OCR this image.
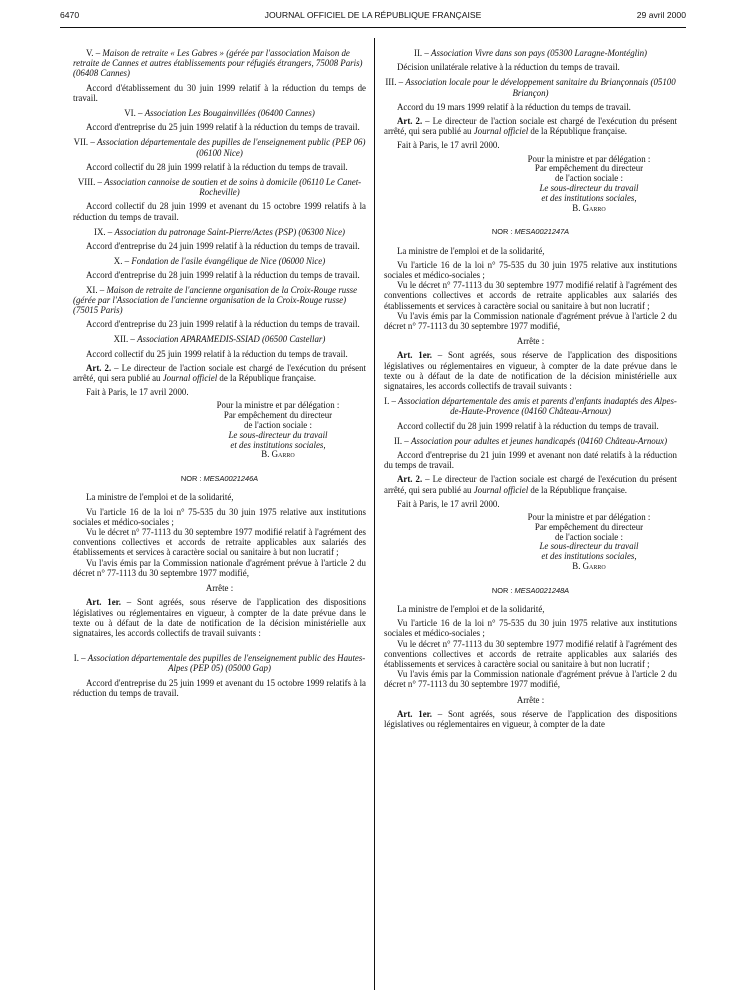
6470	JOURNAL OFFICIEL DE LA RÉPUBLIQUE FRANÇAISE	29 avril 2000

V. – Maison de retraite « Les Gabres » (gérée par l'association Maison de retraite de Cannes et autres établissements pour réfugiés étrangers, 75008 Paris) (06408 Cannes)

Accord d'établissement du 30 juin 1999 relatif à la réduction du temps de travail.

VI. – Association Les Bougainvillées (06400 Cannes)

Accord d'entreprise du 25 juin 1999 relatif à la réduction du temps de travail.

VII. – Association départementale des pupilles de l'enseignement public (PEP 06) (06100 Nice)

Accord collectif du 28 juin 1999 relatif à la réduction du temps de travail.

VIII. – Association cannoise de soutien et de soins à domicile (06110 Le Canet-Rocheville)

Accord collectif du 28 juin 1999 et avenant du 15 octobre 1999 relatifs à la réduction du temps de travail.

IX. – Association du patronage Saint-Pierre/Actes (PSP) (06300 Nice)

Accord d'entreprise du 24 juin 1999 relatif à la réduction du temps de travail.

X. – Fondation de l'asile évangélique de Nice (06000 Nice)

Accord d'entreprise du 28 juin 1999 relatif à la réduction du temps de travail.

XI. – Maison de retraite de l'ancienne organisation de la Croix-Rouge russe (gérée par l'Association de l'ancienne organisation de la Croix-Rouge russe) (75015 Paris)

Accord d'entreprise du 23 juin 1999 relatif à la réduction du temps de travail.

XII. – Association APARAMEDIS-SSIAD (06500 Castellar)

Accord collectif du 25 juin 1999 relatif à la réduction du temps de travail.

Art. 2. – Le directeur de l'action sociale est chargé de l'exécution du présent arrêté, qui sera publié au Journal officiel de la République française.

Fait à Paris, le 17 avril 2000.

Pour la ministre et par délégation :
Par empêchement du directeur
de l'action sociale :
Le sous-directeur du travail
et des institutions sociales,
B. Garro
NOR : MESA0021246A

La ministre de l'emploi et de la solidarité,

Vu l'article 16 de la loi n° 75-535 du 30 juin 1975 relative aux institutions sociales et médico-sociales ;

Vu le décret n° 77-1113 du 30 septembre 1977 modifié relatif à l'agrément des conventions collectives et accords de retraite applicables aux salariés des établissements et services à caractère social ou sanitaire à but non lucratif ;

Vu l'avis émis par la Commission nationale d'agrément prévue à l'article 2 du décret n° 77-1113 du 30 septembre 1977 modifié,

Arrête :

Art. 1er. – Sont agréés, sous réserve de l'application des dispositions législatives ou réglementaires en vigueur, à compter de la date prévue dans le texte ou à défaut de la date de notification de la décision ministérielle aux signataires, les accords collectifs de travail suivants :

I. – Association départementale des pupilles de l'enseignement public des Hautes-Alpes (PEP 05) (05000 Gap)

Accord d'entreprise du 25 juin 1999 et avenant du 15 octobre 1999 relatifs à la réduction du temps de travail.

II. – Association Vivre dans son pays (05300 Laragne-Montéglin)

Décision unilatérale relative à la réduction du temps de travail.

III. – Association locale pour le développement sanitaire du Briançonnais (05100 Briançon)

Accord du 19 mars 1999 relatif à la réduction du temps de travail.

Art. 2. – Le directeur de l'action sociale est chargé de l'exécution du présent arrêté, qui sera publié au Journal officiel de la République française.

Fait à Paris, le 17 avril 2000.

Pour la ministre et par délégation :
Par empêchement du directeur
de l'action sociale :
Le sous-directeur du travail
et des institutions sociales,
B. Garro
NOR : MESA0021247A

La ministre de l'emploi et de la solidarité,

Vu l'article 16 de la loi n° 75-535 du 30 juin 1975 relative aux institutions sociales et médico-sociales ;

Vu le décret n° 77-1113 du 30 septembre 1977 modifié relatif à l'agrément des conventions collectives et accords de retraite applicables aux salariés des établissements et services à caractère social ou sanitaire à but non lucratif ;

Vu l'avis émis par la Commission nationale d'agrément prévue à l'article 2 du décret n° 77-1113 du 30 septembre 1977 modifié,

Arrête :

Art. 1er. – Sont agréés, sous réserve de l'application des dispositions législatives ou réglementaires en vigueur, à compter de la date prévue dans le texte ou à défaut de la date de notification de la décision ministérielle aux signataires, les accords collectifs de travail suivants :

I. – Association départementale des amis et parents d'enfants inadaptés des Alpes-de-Haute-Provence (04160 Château-Arnoux)

Accord collectif du 28 juin 1999 relatif à la réduction du temps de travail.

II. – Association pour adultes et jeunes handicapés (04160 Château-Arnoux)

Accord d'entreprise du 21 juin 1999 et avenant non daté relatifs à la réduction du temps de travail.

Art. 2. – Le directeur de l'action sociale est chargé de l'exécution du présent arrêté, qui sera publié au Journal officiel de la République française.

Fait à Paris, le 17 avril 2000.

Pour la ministre et par délégation :
Par empêchement du directeur
de l'action sociale :
Le sous-directeur du travail
et des institutions sociales,
B. Garro
NOR : MESA0021248A

La ministre de l'emploi et de la solidarité,

Vu l'article 16 de la loi n° 75-535 du 30 juin 1975 relative aux institutions sociales et médico-sociales ;

Vu le décret n° 77-1113 du 30 septembre 1977 modifié relatif à l'agrément des conventions collectives et accords de retraite applicables aux salariés des établissements et services à caractère social ou sanitaire à but non lucratif ;

Vu l'avis émis par la Commission nationale d'agrément prévue à l'article 2 du décret n° 77-1113 du 30 septembre 1977 modifié,

Arrête :

Art. 1er. – Sont agréés, sous réserve de l'application des dispositions législatives ou réglementaires en vigueur, à compter de la date
